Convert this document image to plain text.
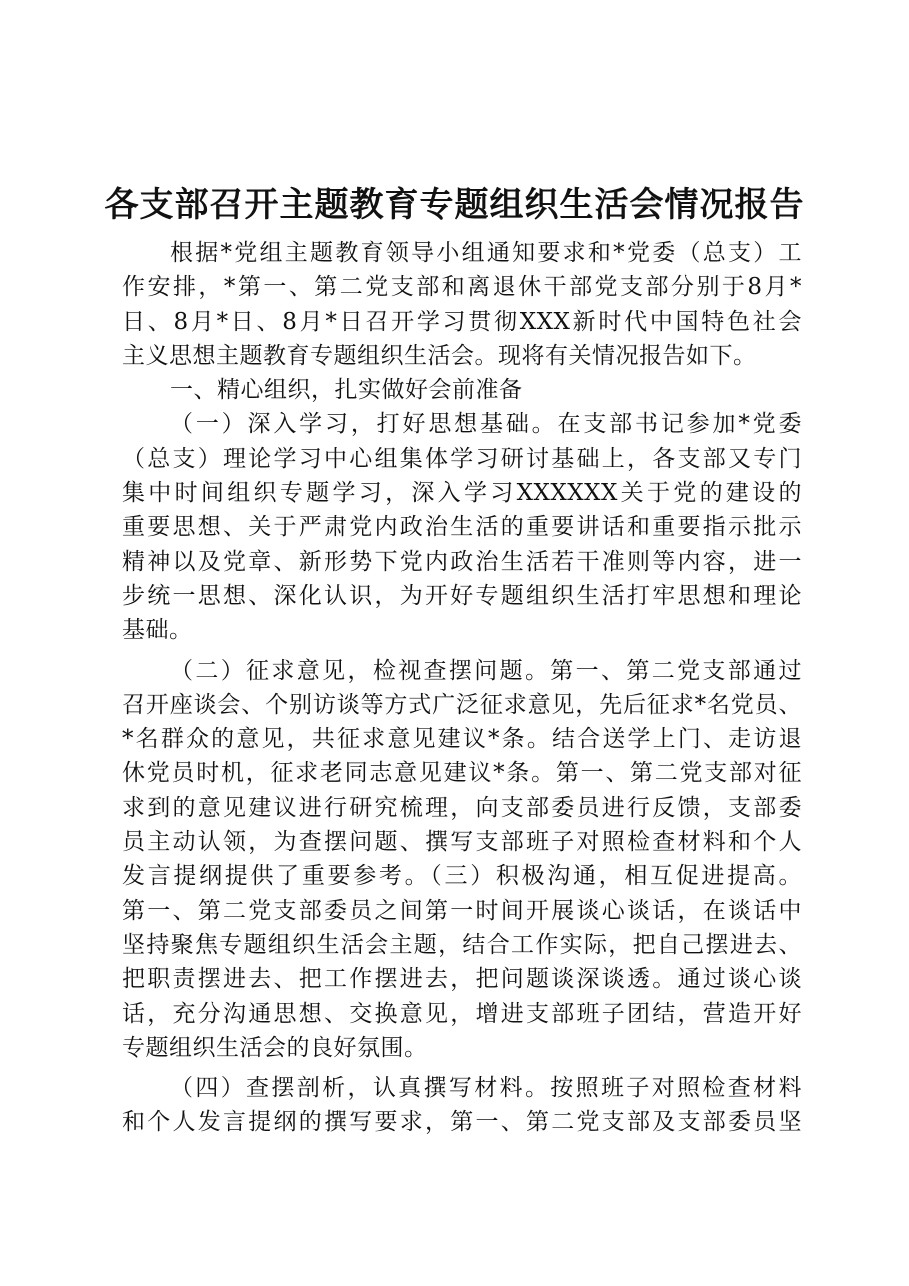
各支部召开主题教育专题组织生活会情况报告
根据*党组主题教育领导小组通知要求和*党委（总支）工
作安排，*第一、第二党支部和离退休干部党支部分别于8月*
日、8月*日、8月*日召开学习贯彻XXX新时代中国特色社会
主义思想主题教育专题组织生活会。现将有关情况报告如下。
一、精心组织，扎实做好会前准备
（一）深入学习，打好思想基础。在支部书记参加*党委
（总支）理论学习中心组集体学习研讨基础上，各支部又专门
集中时间组织专题学习，深入学习XXXXXX关于党的建设的
重要思想、关于严肃党内政治生活的重要讲话和重要指示批示
精神以及党章、新形势下党内政治生活若干准则等内容，进一
步统一思想、深化认识，为开好专题组织生活打牢思想和理论
基础。
（二）征求意见，检视查摆问题。第一、第二党支部通过
召开座谈会、个别访谈等方式广泛征求意见，先后征求*名党员、
*名群众的意见，共征求意见建议*条。结合送学上门、走访退
休党员时机，征求老同志意见建议*条。第一、第二党支部对征
求到的意见建议进行研究梳理，向支部委员进行反馈，支部委
员主动认领，为查摆问题、撰写支部班子对照检查材料和个人
发言提纲提供了重要参考。（三）积极沟通，相互促进提高。
第一、第二党支部委员之间第一时间开展谈心谈话，在谈话中
坚持聚焦专题组织生活会主题，结合工作实际，把自己摆进去、
把职责摆进去、把工作摆进去，把问题谈深谈透。通过谈心谈
话，充分沟通思想、交换意见，增进支部班子团结，营造开好
专题组织生活会的良好氛围。
（四）查摆剖析，认真撰写材料。按照班子对照检查材料
和个人发言提纲的撰写要求，第一、第二党支部及支部委员坚
